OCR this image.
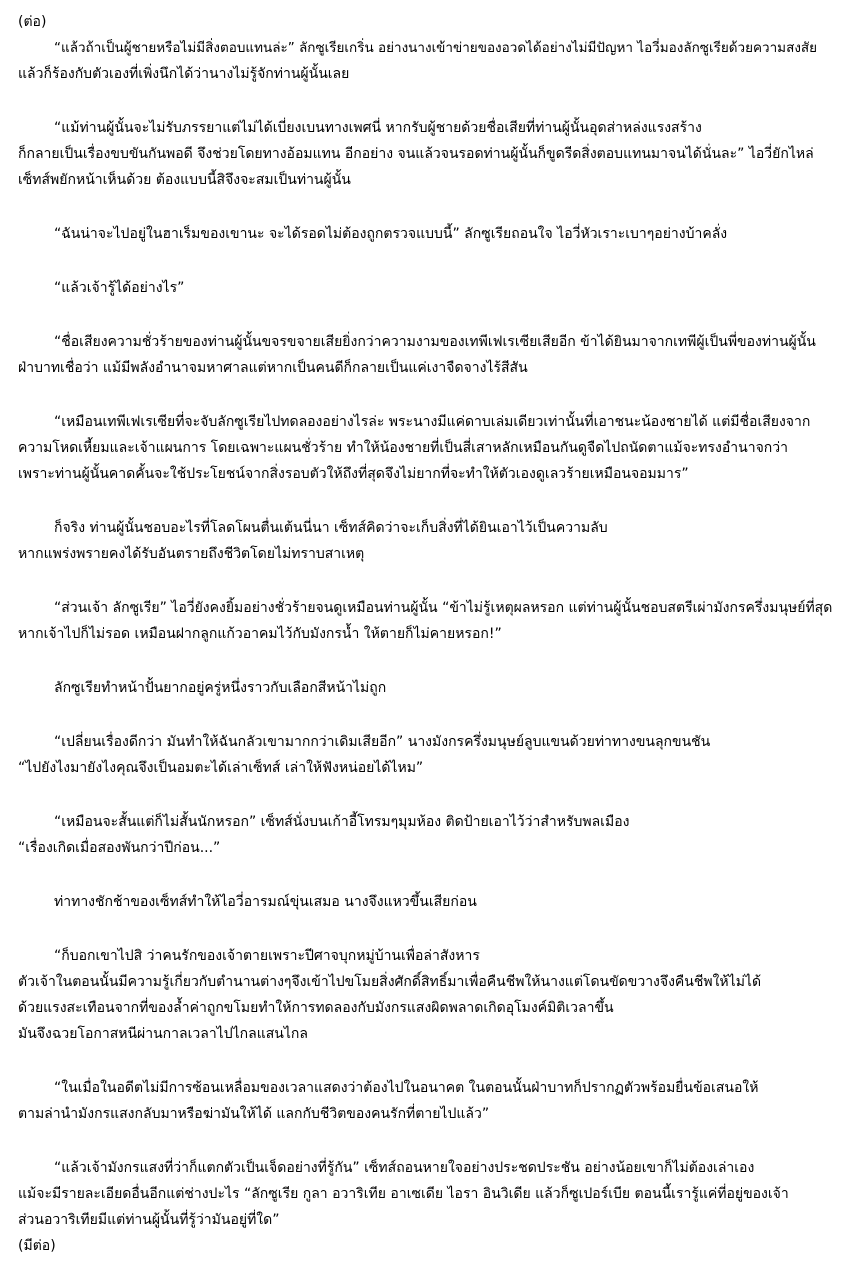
(ต่อ)

“แล้วถ้าเป็นผู้ชายหรือไม่มีสิ่งตอบแทนล่ะ” ลักซูเรียเกริ่น อย่างนางเข้าข่ายของอวดได้อย่างไม่มีปัญหา ไอวี่มองลักซูเรียด้วยความสงสัย

แล้วก็ร้องกับตัวเองที่เพิ่งนึกได้ว่านางไม่รู้จักท่านผู้นั้นเลย

“แม้ท่านผู้นั้นจะไม่รับภรรยาแต่ไม่ได้เบี่ยงเบนทางเพศนี่ หากรับผู้ชายด้วยชื่อเสียที่ท่านผู้นั้นอุดส่าหล่งแรงสร้าง

ก็กลายเป็นเรื่องขบขันกันพอดี จึงช่วยโดยทางอ้อมแทน อีกอย่าง จนแล้วจนรอดท่านผู้นั้นก็ขูดรีดสิ่งตอบแทนมาจนได้นั่นละ” ไอวี่ยักไหล่

เซ็ทส์พยักหน้าเห็นด้วย ต้องแบบนี้สิจึงจะสมเป็นท่านผู้นั้น

“ฉันน่าจะไปอยู่ในฮาเร็มของเขานะ จะได้รอดไม่ต้องถูกตรวจแบบนี้” ลักซูเรียถอนใจ ไอวี่หัวเราะเบาๆอย่างบ้าคลั่ง

“แล้วเจ้ารู้ได้อย่างไร”

“ชื่อเสียงความชั่วร้ายของท่านผู้นั้นขจรขจายเสียยิ่งกว่าความงามของเทพีเฟเรเซียเสียอีก ข้าได้ยินมาจากเทพีผู้เป็นพี่ของท่านผู้นั้น

ฝ่าบาทเชื่อว่า แม้มีพลังอำนาจมหาศาลแต่หากเป็นคนดีก็กลายเป็นแค่เงาจืดจางไร้สีสัน

“เหมือนเทพีเฟเรเซียที่จะจับลักซูเรียไปทดลองอย่างไรล่ะ พระนางมีแค่ดาบเล่มเดียวเท่านั้นที่เอาชนะน้องชายได้ แต่มีชื่อเสียงจาก

ความโหดเหี้ยมและเจ้าแผนการ โดยเฉพาะแผนชั่วร้าย ทำให้น้องชายที่เป็นสี่เสาหลักเหมือนกันดูจืดไปถนัดตาแม้จะทรงอำนาจกว่า

เพราะท่านผู้นั้นคาดคั้นจะใช้ประโยชน์จากสิ่งรอบตัวให้ถึงที่สุดจึงไม่ยากที่จะทำให้ตัวเองดูเลวร้ายเหมือนจอมมาร”

ก็จริง ท่านผู้นั้นชอบอะไรที่โลดโผนตื่นเต้นนี่นา เซ็ทส์คิดว่าจะเก็บสิ่งที่ได้ยินเอาไว้เป็นความลับ

หากแพร่งพรายคงได้รับอันตรายถึงชีวิตโดยไม่ทราบสาเหตุ

“ส่วนเจ้า ลักซูเรีย” ไอวี่ยังคงยิ้มอย่างชั่วร้ายจนดูเหมือนท่านผู้นั้น “ข้าไม่รู้เหตุผลหรอก แต่ท่านผู้นั้นชอบสตรีเผ่ามังกรครึ่งมนุษย์ที่สุด

หากเจ้าไปก็ไม่รอด เหมือนฝากลูกแก้วอาคมไว้กับมังกรน้ำ ให้ตายก็ไม่คายหรอก!”

ลักซูเรียทำหน้าปั้นยากอยู่ครู่หนึ่งราวกับเลือกสีหน้าไม่ถูก

“เปลี่ยนเรื่องดีกว่า มันทำให้ฉันกลัวเขามากกว่าเดิมเสียอีก” นางมังกรครึ่งมนุษย์ลูบแขนด้วยท่าทางขนลุกขนชัน

“ไปยังไงมายังไงคุณจึงเป็นอมตะได้เล่าเซ็ทส์ เล่าให้ฟังหน่อยได้ไหม”

“เหมือนจะสั้นแต่ก็ไม่สั้นนักหรอก” เซ็ทส์นั่งบนเก้าอี้โทรมๆมุมห้อง ติดป้ายเอาไว้ว่าสำหรับพลเมือง

“เรื่องเกิดเมื่อสองพันกว่าปีก่อน...”

ท่าทางชักช้าของเซ็ทส์ทำให้ไอวี่อารมณ์ขุ่นเสมอ นางจึงแหวขึ้นเสียก่อน

“ก็บอกเขาไปสิ ว่าคนรักของเจ้าตายเพราะปีศาจบุกหมู่บ้านเพื่อล่าสังหาร

ตัวเจ้าในตอนนั้นมีความรู้เกี่ยวกับตำนานต่างๆจึงเข้าไปขโมยสิ่งศักดิ์สิทธิ์มาเพื่อคืนชีพให้นางแต่โดนขัดขวางจึงคืนชีพให้ไม่ได้

ด้วยแรงสะเทือนจากที่ของล้ำค่าถูกขโมยทำให้การทดลองกับมังกรแสงผิดพลาดเกิดอุโมงค์มิติเวลาขึ้น

มันจึงฉวยโอกาสหนีผ่านกาลเวลาไปไกลแสนไกล

“ในเมื่อในอดีตไม่มีการซ้อนเหลื่อมของเวลาแสดงว่าต้องไปในอนาคต ในตอนนั้นฝ่าบาทก็ปรากฏตัวพร้อมยื่นข้อเสนอให้

ตามล่านำมังกรแสงกลับมาหรือฆ่ามันให้ได้ แลกกับชีวิตของคนรักที่ตายไปแล้ว”

“แล้วเจ้ามังกรแสงที่ว่าก็แตกตัวเป็นเจ็ดอย่างที่รู้กัน” เซ็ทส์ถอนหายใจอย่างประชดประชัน อย่างน้อยเขาก็ไม่ต้องเล่าเอง

แม้จะมีรายละเอียดอื่นอีกแต่ช่างปะไร “ลักซูเรีย กูลา อวาริเทีย อาเซเดีย ไอรา อินวิเดีย แล้วก็ซูเปอร์เบีย ตอนนี้เรารู้แค่ที่อยู่ของเจ้า

ส่วนอวาริเทียมีแต่ท่านผู้นั้นที่รู้ว่ามันอยู่ที่ใด”

(มีต่อ)
